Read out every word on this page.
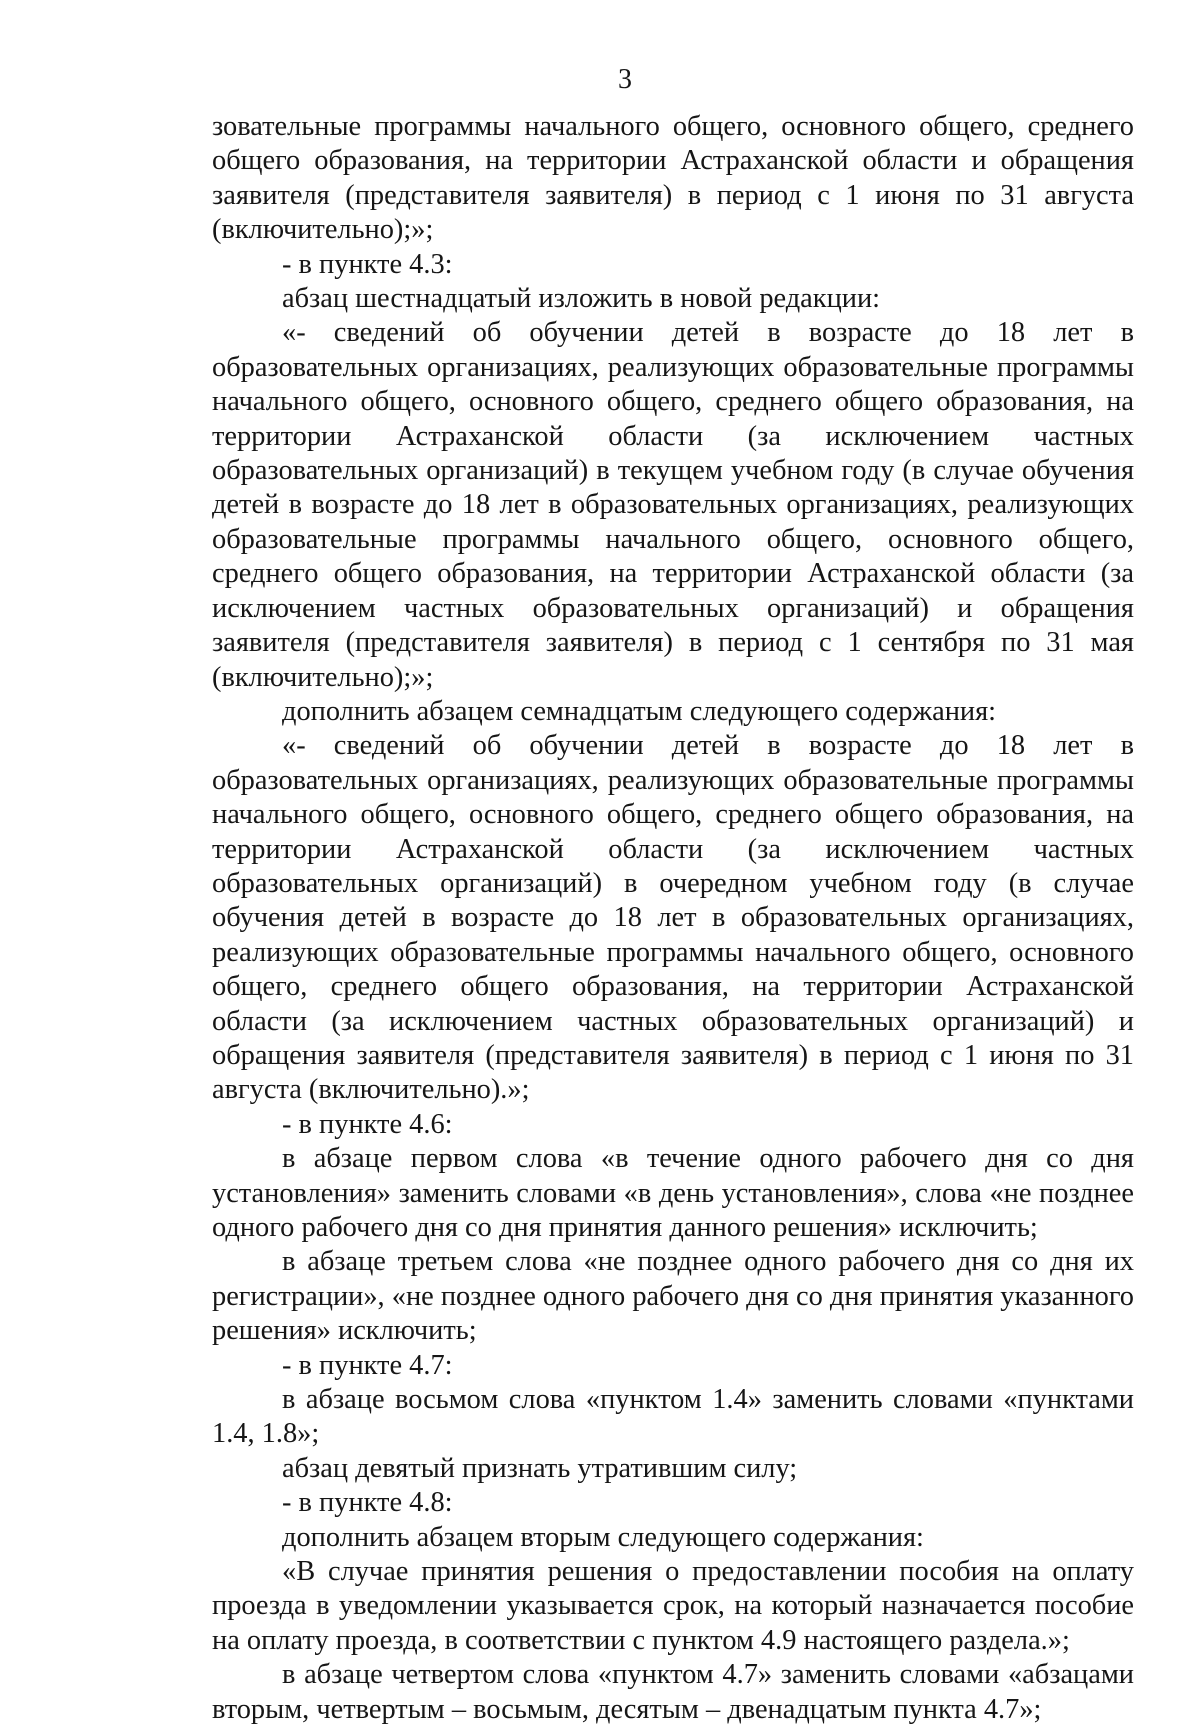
3

зовательные программы начального общего, основного общего, среднего общего образования, на территории Астраханской области и обращения заявителя (представителя заявителя) в период с 1 июня по 31 августа (включительно);»;

- в пункте 4.3:

абзац шестнадцатый изложить в новой редакции:

«- сведений об обучении детей в возрасте до 18 лет в образовательных организациях, реализующих образовательные программы начального общего, основного общего, среднего общего образования, на территории Астраханской области (за исключением частных образовательных организаций) в текущем учебном году (в случае обучения детей в возрасте до 18 лет в образовательных организациях, реализующих образовательные программы начального общего, основного общего, среднего общего образования, на территории Астраханской области (за исключением частных образовательных организаций) и обращения заявителя (представителя заявителя) в период с 1 сентября по 31 мая (включительно);»;

дополнить абзацем семнадцатым следующего содержания:

«- сведений об обучении детей в возрасте до 18 лет в образовательных организациях, реализующих образовательные программы начального общего, основного общего, среднего общего образования, на территории Астраханской области (за исключением частных образовательных организаций) в очередном учебном году (в случае обучения детей в возрасте до 18 лет в образовательных организациях, реализующих образовательные программы начального общего, основного общего, среднего общего образования, на территории Астраханской области (за исключением частных образовательных организаций) и обращения заявителя (представителя заявителя) в период с 1 июня по 31 августа (включительно).»;

- в пункте 4.6:

в абзаце первом слова «в течение одного рабочего дня со дня установления» заменить словами «в день установления», слова «не позднее одного рабочего дня со дня принятия данного решения» исключить;

в абзаце третьем слова «не позднее одного рабочего дня со дня их регистрации», «не позднее одного рабочего дня со дня принятия указанного решения» исключить;

- в пункте 4.7:

в абзаце восьмом слова «пунктом 1.4» заменить словами «пунктами 1.4, 1.8»;

абзац девятый признать утратившим силу;

- в пункте 4.8:

дополнить абзацем вторым следующего содержания:

«В случае принятия решения о предоставлении пособия на оплату проезда в уведомлении указывается срок, на который назначается пособие на оплату проезда, в соответствии с пунктом 4.9 настоящего раздела.»;

в абзаце четвертом слова «пунктом 4.7» заменить словами «абзацами вторым, четвертым – восьмым, десятым – двенадцатым пункта 4.7»;
